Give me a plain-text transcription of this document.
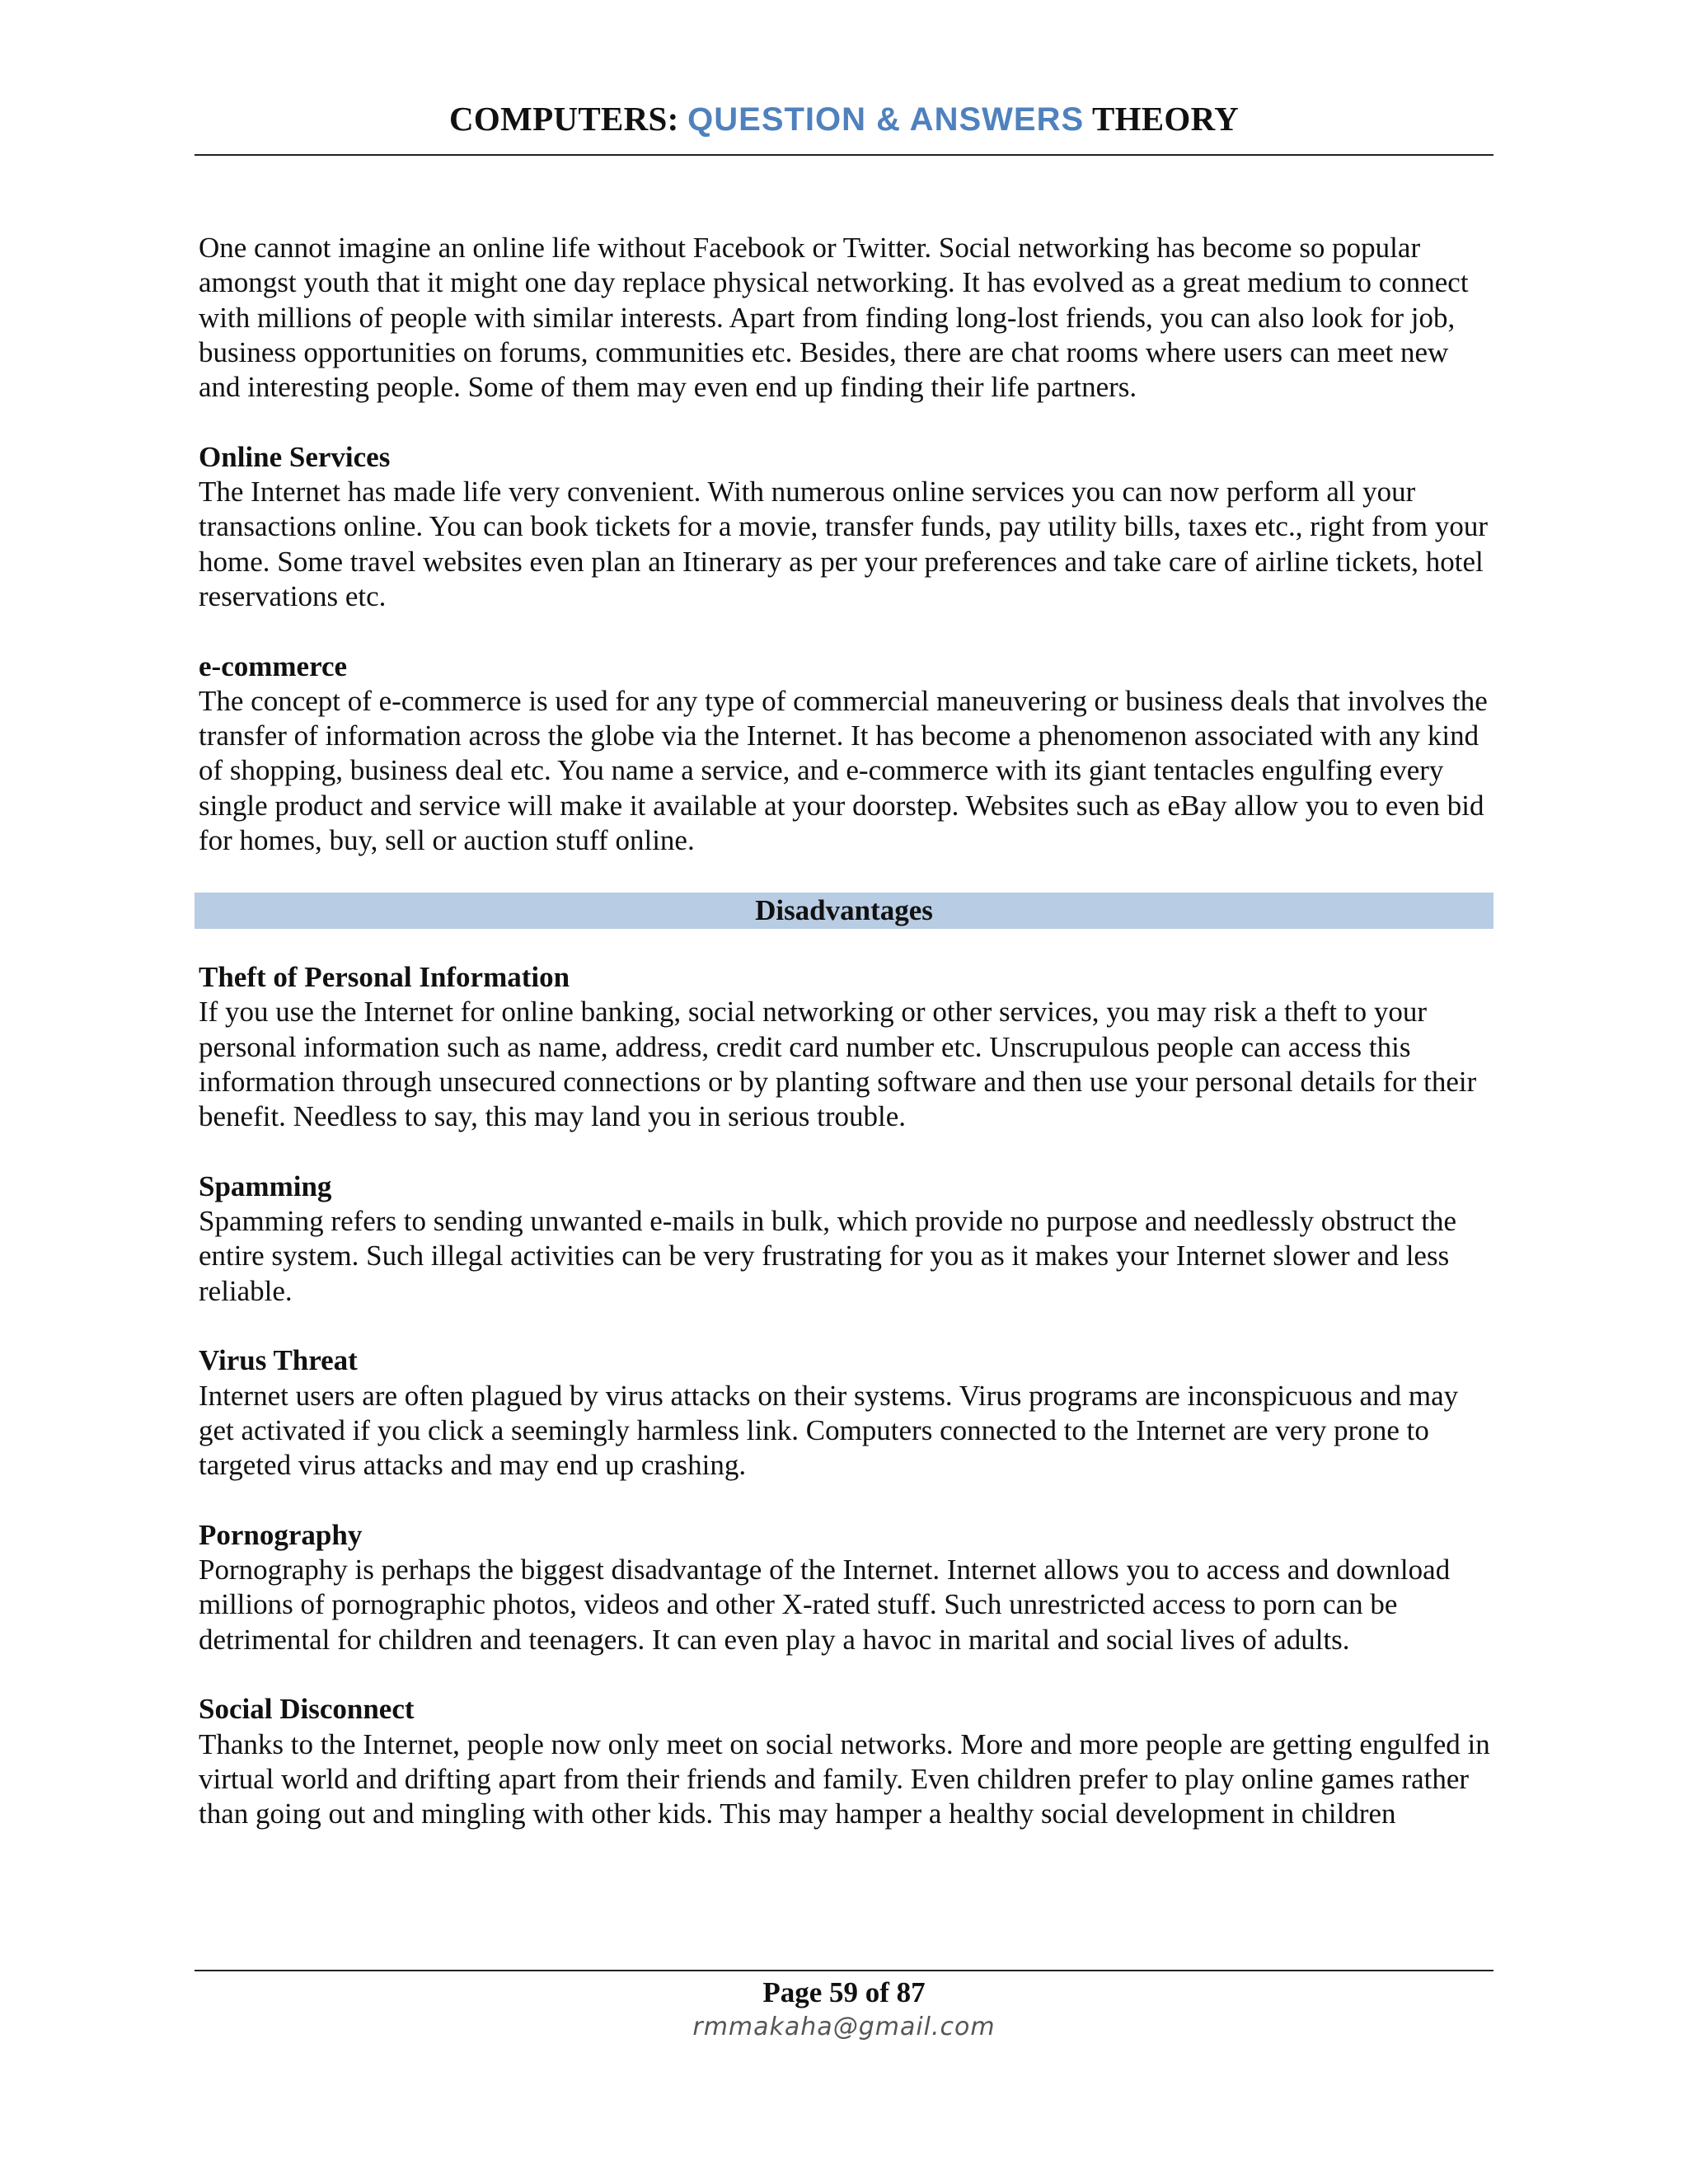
COMPUTERS: QUESTION & ANSWERS THEORY

One cannot imagine an online life without Facebook or Twitter. Social networking has become so popular amongst youth that it might one day replace physical networking. It has evolved as a great medium to connect with millions of people with similar interests. Apart from finding long-lost friends, you can also look for job, business opportunities on forums, communities etc. Besides, there are chat rooms where users can meet new and interesting people. Some of them may even end up finding their life partners.

Online Services
The Internet has made life very convenient. With numerous online services you can now perform all your transactions online. You can book tickets for a movie, transfer funds, pay utility bills, taxes etc., right from your home. Some travel websites even plan an Itinerary as per your preferences and take care of airline tickets, hotel reservations etc.
e-commerce
The concept of e-commerce is used for any type of commercial maneuvering or business deals that involves the transfer of information across the globe via the Internet. It has become a phenomenon associated with any kind of shopping, business deal etc. You name a service, and e-commerce with its giant tentacles engulfing every single product and service will make it available at your doorstep. Websites such as eBay allow you to even bid for homes, buy, sell or auction stuff online.
Disadvantages
Theft of Personal Information
If you use the Internet for online banking, social networking or other services, you may risk a theft to your personal information such as name, address, credit card number etc. Unscrupulous people can access this information through unsecured connections or by planting software and then use your personal details for their benefit. Needless to say, this may land you in serious trouble.
Spamming
Spamming refers to sending unwanted e-mails in bulk, which provide no purpose and needlessly obstruct the entire system. Such illegal activities can be very frustrating for you as it makes your Internet slower and less reliable.
Virus Threat
Internet users are often plagued by virus attacks on their systems. Virus programs are inconspicuous and may get activated if you click a seemingly harmless link. Computers connected to the Internet are very prone to targeted virus attacks and may end up crashing.
Pornography
Pornography is perhaps the biggest disadvantage of the Internet. Internet allows you to access and download millions of pornographic photos, videos and other X-rated stuff. Such unrestricted access to porn can be detrimental for children and teenagers. It can even play a havoc in marital and social lives of adults.
Social Disconnect
Thanks to the Internet, people now only meet on social networks. More and more people are getting engulfed in virtual world and drifting apart from their friends and family. Even children prefer to play online games rather than going out and mingling with other kids. This may hamper a healthy social development in children
Page 59 of 87
rmmakaha@gmail.com
